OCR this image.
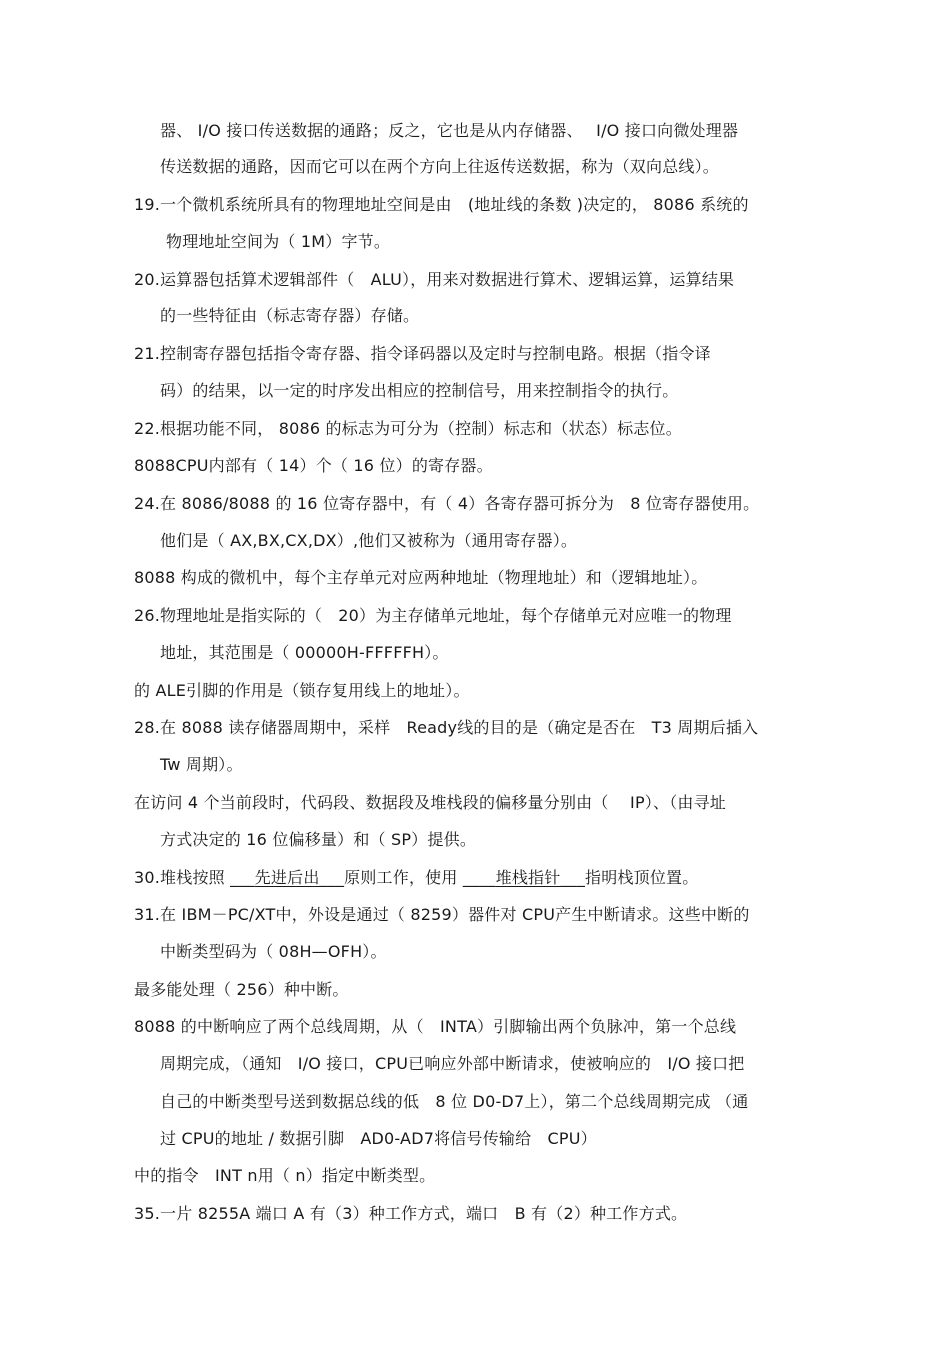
器、 I/O 接口传送数据的通路；反之，它也是从内存储器、　 I/O 接口向微处理器
传送数据的通路，因而它可以在两个方向上往返传送数据，称为（双向总线）。
19.一个微机系统所具有的物理地址空间是由　(地址线的条数 )决定的， 8086 系统的
物理地址空间为（ 1M）字节。
20.运算器包括算术逻辑部件（　ALU），用来对数据进行算术、逻辑运算，运算结果
的一些特征由（标志寄存器）存储。
21.控制寄存器包括指令寄存器、指令译码器以及定时与控制电路。根据（指令译
码）的结果，以一定的时序发出相应的控制信号，用来控制指令的执行。
22.根据功能不同， 8086 的标志为可分为（控制）标志和（状态）标志位。
8088CPU内部有（ 14）个（ 16 位）的寄存器。
24.在 8086/8088 的 16 位寄存器中，有（ 4）各寄存器可拆分为　8 位寄存器使用。
他们是（ AX,BX,CX,DX）,他们又被称为（通用寄存器）。
8088 构成的微机中，每个主存单元对应两种地址（物理地址）和（逻辑地址）。
26.物理地址是指实际的（　20）为主存储单元地址，每个存储单元对应唯一的物理
地址，其范围是（ 00000H-FFFFFH）。
的 ALE引脚的作用是（锁存复用线上的地址）。
28.在 8088 读存储器周期中，采样　Ready线的目的是（确定是否在　T3 周期后插入
Tw 周期）。
在访问 4 个当前段时，代码段、数据段及堆栈段的偏移量分别由（　 IP）、（由寻址
方式决定的 16 位偏移量）和（ SP）提供。
30.堆栈按照 ___先进后出___原则工作，使用 ____堆栈指针___指明栈顶位置。
31.在 IBM－PC/XT中，外设是通过（ 8259）器件对 CPU产生中断请求。这些中断的
中断类型码为（ 08H—OFH）。
最多能处理（ 256）种中断。
8088 的中断响应了两个总线周期，从（　INTA）引脚输出两个负脉冲，第一个总线
周期完成，（通知　I/O 接口，CPU已响应外部中断请求，使被响应的　I/O 接口把
自己的中断类型号送到数据总线的低　8 位 D0-D7上），第二个总线周期完成 （通
过 CPU的地址 / 数据引脚　AD0-AD7将信号传输给　CPU）
中的指令　INT n用（ n）指定中断类型。
35.一片 8255A 端口 A 有（3）种工作方式，端口　B 有（2）种工作方式。
